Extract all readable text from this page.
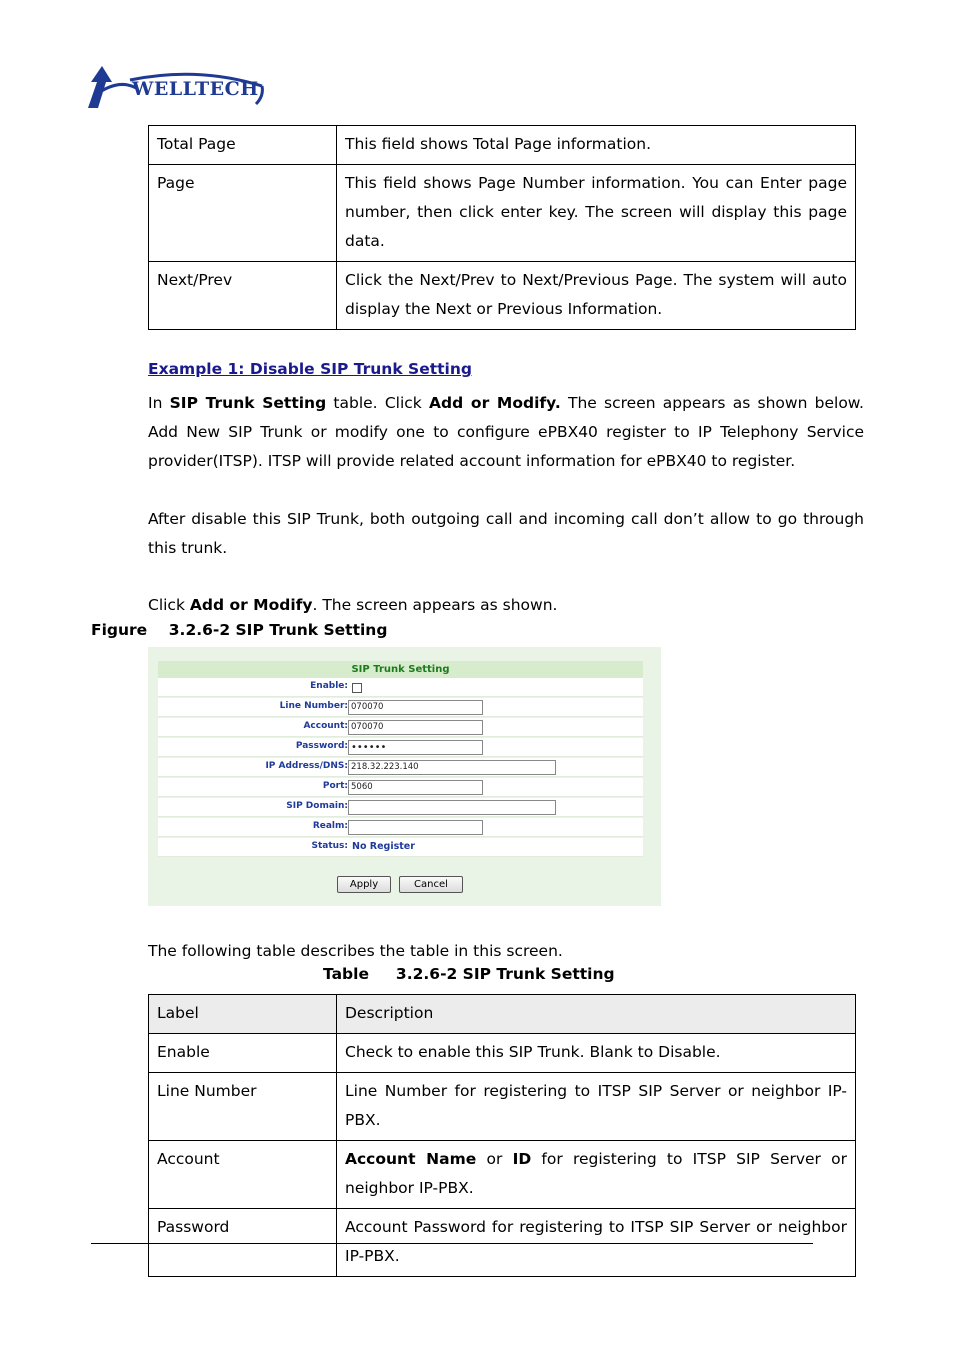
WELLTECH
Total Page	This field shows Total Page information.
Page	This field shows Page Number information. You can Enter page number, then click enter key. The screen will display this page data.
Next/Prev	Click the Next/Prev to Next/Previous Page. The system will auto display the Next or Previous Information.
Example 1: Disable SIP Trunk Setting
In SIP Trunk Setting table. Click Add or Modify. The screen appears as shown below. Add New SIP Trunk or modify one to configure ePBX40 register to IP Telephony Service provider(ITSP). ITSP will provide related account information for ePBX40 to register.
After disable this SIP Trunk, both outgoing call and incoming call don’t allow to go through this trunk.
Click Add or Modify. The screen appears as shown.
Figure    3.2.6-2 SIP Trunk Setting
SIP Trunk Setting
Enable:
Line Number: 070070
Account: 070070
Password: ••••••
IP Address/DNS: 218.32.223.140
Port: 5060
SIP Domain:
Realm:
Status: No Register
Apply	Cancel
The following table describes the table in this screen.
Table     3.2.6-2 SIP Trunk Setting
Label	Description
Enable	Check to enable this SIP Trunk. Blank to Disable.
Line Number	Line Number for registering to ITSP SIP Server or neighbor IP-PBX.
Account	Account Name or ID for registering to ITSP SIP Server or neighbor IP-PBX.
Password	Account Password for registering to ITSP SIP Server or neighbor IP-PBX.
